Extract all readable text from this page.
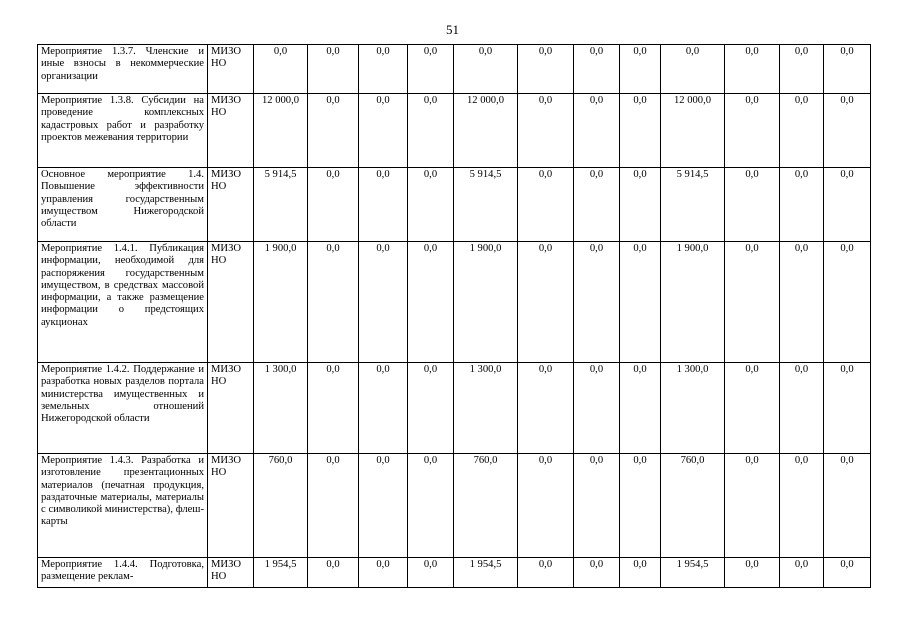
51
Мероприятие 1.3.7. Членские и иные взносы в некоммерческие организации	МИЗО НО	0,0	0,0	0,0	0,0	0,0	0,0	0,0	0,0	0,0	0,0	0,0	0,0
Мероприятие 1.3.8. Субсидии на проведение комплексных кадастровых работ и разработку проектов межевания территории	МИЗО НО	12 000,0	0,0	0,0	0,0	12 000,0	0,0	0,0	0,0	12 000,0	0,0	0,0	0,0
Основное мероприятие 1.4. Повышение эффективности управления государственным имуществом Нижегородской области	МИЗО НО	5 914,5	0,0	0,0	0,0	5 914,5	0,0	0,0	0,0	5 914,5	0,0	0,0	0,0
Мероприятие 1.4.1. Публикация информации, необходимой для распоряжения государственным имуществом, в средствах массовой информации, а также размещение информации о предстоящих аукционах	МИЗО НО	1 900,0	0,0	0,0	0,0	1 900,0	0,0	0,0	0,0	1 900,0	0,0	0,0	0,0
Мероприятие 1.4.2. Поддержание и разработка новых разделов портала министерства имущественных и земельных отношений Нижегородской области	МИЗО НО	1 300,0	0,0	0,0	0,0	1 300,0	0,0	0,0	0,0	1 300,0	0,0	0,0	0,0
Мероприятие 1.4.3. Разработка и изготовление презентационных материалов (печатная продукция, раздаточные материалы, материалы с символикой министерства), флеш-карты	МИЗО НО	760,0	0,0	0,0	0,0	760,0	0,0	0,0	0,0	760,0	0,0	0,0	0,0
Мероприятие 1.4.4. Подготовка, размещение реклам-	МИЗО НО	1 954,5	0,0	0,0	0,0	1 954,5	0,0	0,0	0,0	1 954,5	0,0	0,0	0,0
